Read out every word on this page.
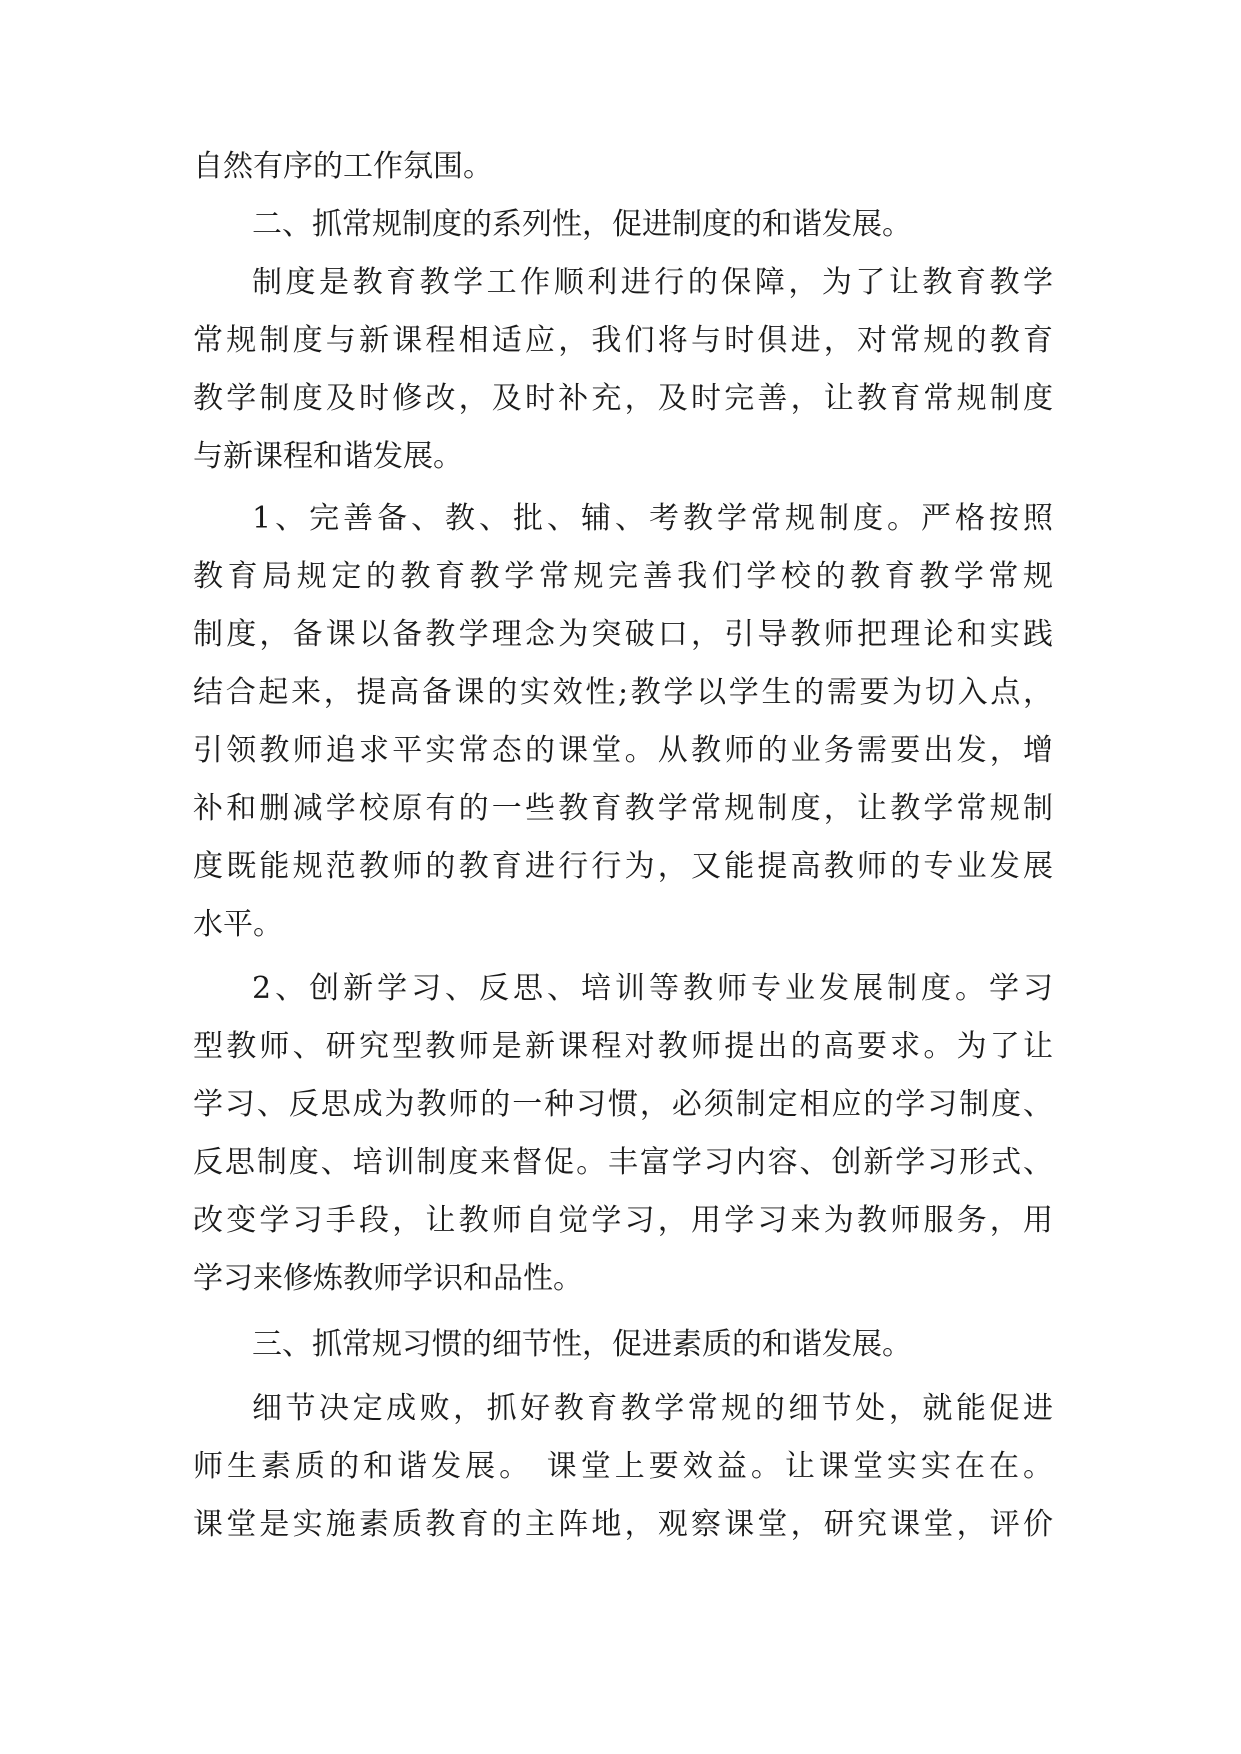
自然有序的工作氛围。
二、抓常规制度的系列性，促进制度的和谐发展。
制度是教育教学工作顺利进行的保障，为了让教育教学
常规制度与新课程相适应，我们将与时俱进，对常规的教育
教学制度及时修改，及时补充，及时完善，让教育常规制度
与新课程和谐发展。
1、完善备、教、批、辅、考教学常规制度。严格按照
教育局规定的教育教学常规完善我们学校的教育教学常规
制度，备课以备教学理念为突破口，引导教师把理论和实践
结合起来，提高备课的实效性;教学以学生的需要为切入点，
引领教师追求平实常态的课堂。从教师的业务需要出发，增
补和删减学校原有的一些教育教学常规制度，让教学常规制
度既能规范教师的教育进行行为，又能提高教师的专业发展
水平。
2、创新学习、反思、培训等教师专业发展制度。学习
型教师、研究型教师是新课程对教师提出的高要求。为了让
学习、反思成为教师的一种习惯，必须制定相应的学习制度、
反思制度、培训制度来督促。丰富学习内容、创新学习形式、
改变学习手段，让教师自觉学习，用学习来为教师服务，用
学习来修炼教师学识和品性。
三、抓常规习惯的细节性，促进素质的和谐发展。
细节决定成败，抓好教育教学常规的细节处，就能促进
师生素质的和谐发展。 课堂上要效益。让课堂实实在在。
课堂是实施素质教育的主阵地，观察课堂，研究课堂，评价
